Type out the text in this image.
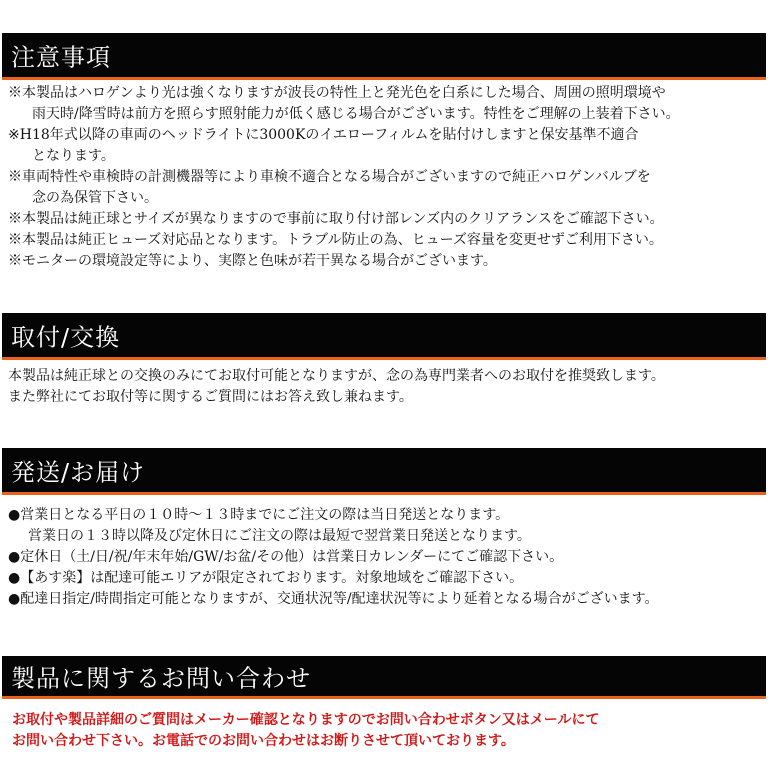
注意事項
※本製品はハロゲンより光は強くなりますが波長の特性上と発光色を白系にした場合、周囲の照明環境や
雨天時/降雪時は前方を照らす照射能力が低く感じる場合がございます。特性をご理解の上装着下さい。
※H18年式以降の車両のヘッドライトに3000Kのイエローフィルムを貼付けしますと保安基準不適合
となります。
※車両特性や車検時の計測機器等により車検不適合となる場合がございますので純正ハロゲンバルブを
念の為保管下さい。
※本製品は純正球とサイズが異なりますので事前に取り付け部レンズ内のクリアランスをご確認下さい。
※本製品は純正ヒューズ対応品となります。トラブル防止の為、ヒューズ容量を変更せずご利用下さい。
※モニターの環境設定等により、実際と色味が若干異なる場合がございます。
取付/交換
本製品は純正球との交換のみにてお取付可能となりますが、念の為専門業者へのお取付を推奨致します。
また弊社にてお取付等に関するご質問にはお答え致し兼ねます。
発送/お届け
●営業日となる平日の１０時～１３時までにご注文の際は当日発送となります。
営業日の１３時以降及び定休日にご注文の際は最短で翌営業日発送となります。
●定休日（土/日/祝/年末年始/GW/お盆/その他）は営業日カレンダーにてご確認下さい。
●【あす楽】は配達可能エリアが限定されております。対象地域をご確認下さい。
●配達日指定/時間指定可能となりますが、交通状況等/配達状況等により延着となる場合がございます。
製品に関するお問い合わせ
お取付や製品詳細のご質問はメーカー確認となりますのでお問い合わせボタン又はメールにて
お問い合わせ下さい。お電話でのお問い合わせはお断りさせて頂いております。
